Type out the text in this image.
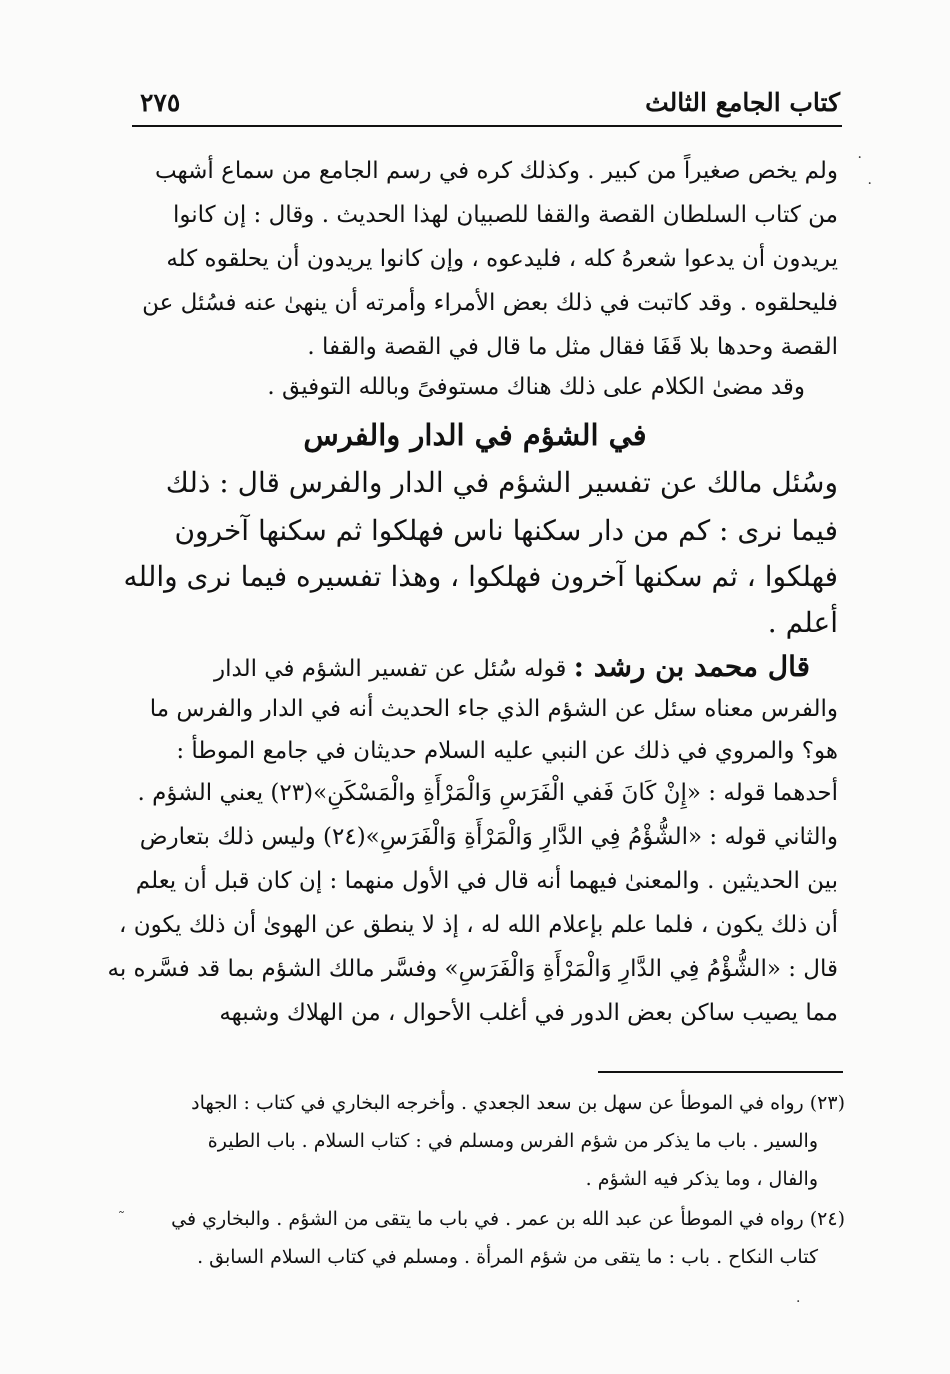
كتاب الجامع الثالث
٢٧٥
·
·
ولم يخص صغيراً من كبير . وكذلك كره في رسم الجامع من سماع أشهب
من كتاب السلطان القصة والقفا للصبيان لهذا الحديث . وقال : إن كانوا
يريدون أن يدعوا شعرهُ كله ، فليدعوه ، وإن كانوا يريدون أن يحلقوه كله
فليحلقوه . وقد كاتبت في ذلك بعض الأمراء وأمرته أن ينهىٰ عنه فسُئل عن
القصة وحدها بلا قَفَا فقال مثل ما قال في القصة والقفا .
وقد مضىٰ الكلام على ذلك هناك مستوفىً وبالله التوفيق .
في الشؤم في الدار والفرس
وسُئل مالك عن تفسير الشؤم في الدار والفرس قال : ذلك
فيما نرى : كم من دار سكنها ناس فهلكوا ثم سكنها آخرون
فهلكوا ، ثم سكنها آخرون فهلكوا ، وهذا تفسيره فيما نرى والله
أعلم .
قال محمد بن رشد : قوله سُئل عن تفسير الشؤم في الدار
والفرس معناه سئل عن الشؤم الذي جاء الحديث أنه في الدار والفرس ما
هو؟ والمروي في ذلك عن النبي عليه السلام حديثان في جامع الموطأ :
أحدهما قوله : «إِنْ كَانَ فَفي الْفَرَسِ وَالْمَرْأَةِ والْمَسْكَنِ»(٢٣) يعني الشؤم .
والثاني قوله : «الشُّؤْمُ فِي الدَّارِ وَالْمَرْأَةِ وَالْفَرَسِ»(٢٤) وليس ذلك بتعارض
بين الحديثين . والمعنىٰ فيهما أنه قال في الأول منهما : إن كان قبل أن يعلم
أن ذلك يكون ، فلما علم بإعلام الله له ، إذ لا ينطق عن الهوىٰ أن ذلك يكون ،
قال : «الشُّؤْمُ فِي الدَّارِ وَالْمَرْأَةِ وَالْفَرَسِ» وفسَّر مالك الشؤم بما قد فسَّره به
مما يصيب ساكن بعض الدور في أغلب الأحوال ، من الهلاك وشبهه
(٢٣) رواه في الموطأ عن سهل بن سعد الجعدي . وأخرجه البخاري في كتاب : الجهاد
والسير . باب ما يذكر من شؤم الفرس ومسلم في : كتاب السلام . باب الطيرة
والفال ، وما يذكر فيه الشؤم .
(٢٤) رواه في الموطأ عن عبد الله بن عمر . في باب ما يتقى من الشؤم . والبخاري في
كتاب النكاح . باب : ما يتقى من شؤم المرأة . ومسلم في كتاب السلام السابق .
˜
·
